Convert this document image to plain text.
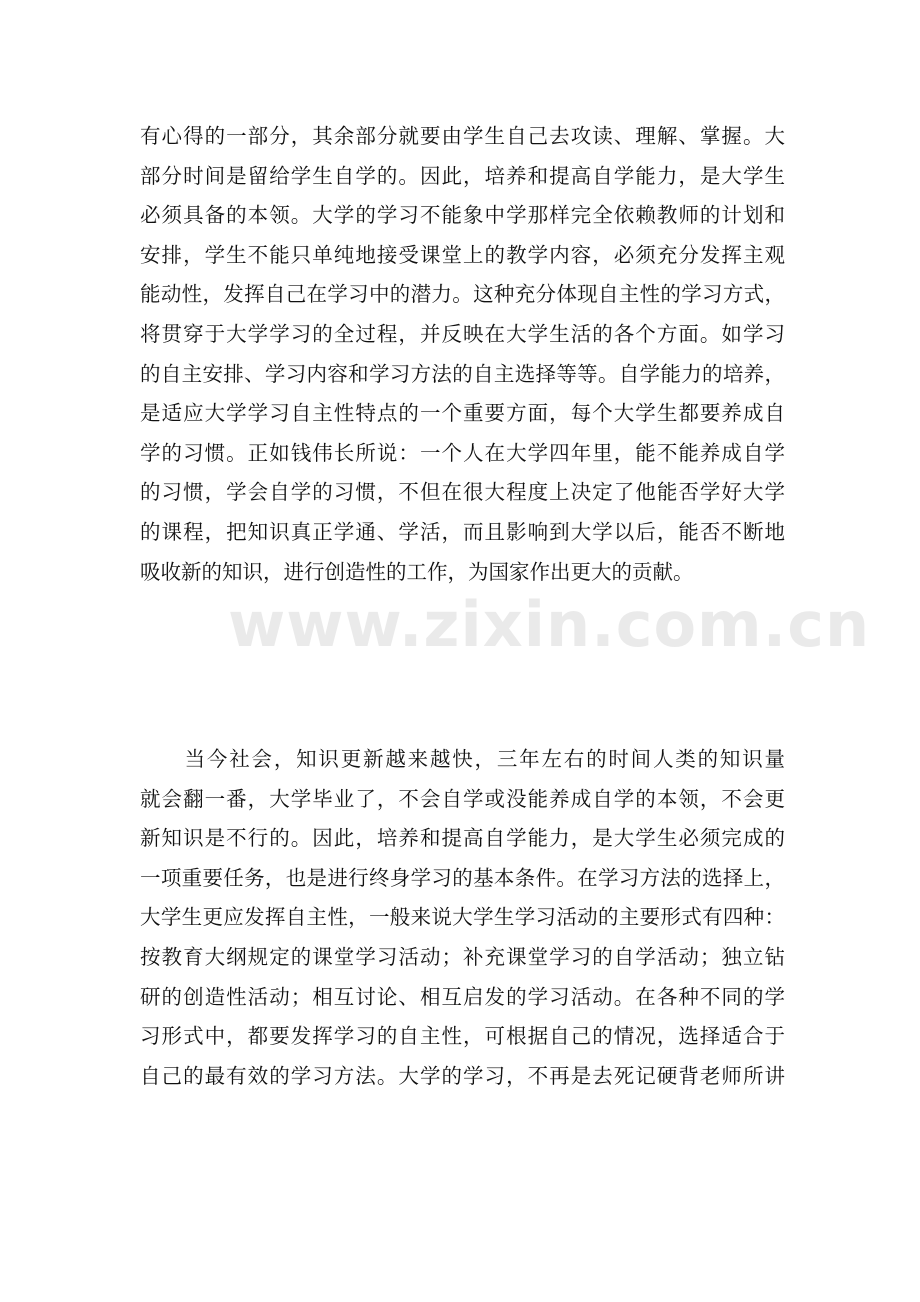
有心得的一部分，其余部分就要由学生自己去攻读、理解、掌握。大
部分时间是留给学生自学的。因此，培养和提高自学能力，是大学生
必须具备的本领。大学的学习不能象中学那样完全依赖教师的计划和
安排，学生不能只单纯地接受课堂上的教学内容，必须充分发挥主观
能动性，发挥自己在学习中的潜力。这种充分体现自主性的学习方式，
将贯穿于大学学习的全过程，并反映在大学生活的各个方面。如学习
的自主安排、学习内容和学习方法的自主选择等等。自学能力的培养，
是适应大学学习自主性特点的一个重要方面，每个大学生都要养成自
学的习惯。正如钱伟长所说：一个人在大学四年里，能不能养成自学
的习惯，学会自学的习惯，不但在很大程度上决定了他能否学好大学
的课程，把知识真正学通、学活，而且影响到大学以后，能否不断地
吸收新的知识，进行创造性的工作，为国家作出更大的贡献。
　　当今社会，知识更新越来越快，三年左右的时间人类的知识量
就会翻一番，大学毕业了，不会自学或没能养成自学的本领，不会更
新知识是不行的。因此，培养和提高自学能力，是大学生必须完成的
一项重要任务，也是进行终身学习的基本条件。在学习方法的选择上，
大学生更应发挥自主性，一般来说大学生学习活动的主要形式有四种：
按教育大纲规定的课堂学习活动；补充课堂学习的自学活动；独立钻
研的创造性活动；相互讨论、相互启发的学习活动。在各种不同的学
习形式中，都要发挥学习的自主性，可根据自己的情况，选择适合于
自己的最有效的学习方法。大学的学习，不再是去死记硬背老师所讲
www.zixin.com.cn
